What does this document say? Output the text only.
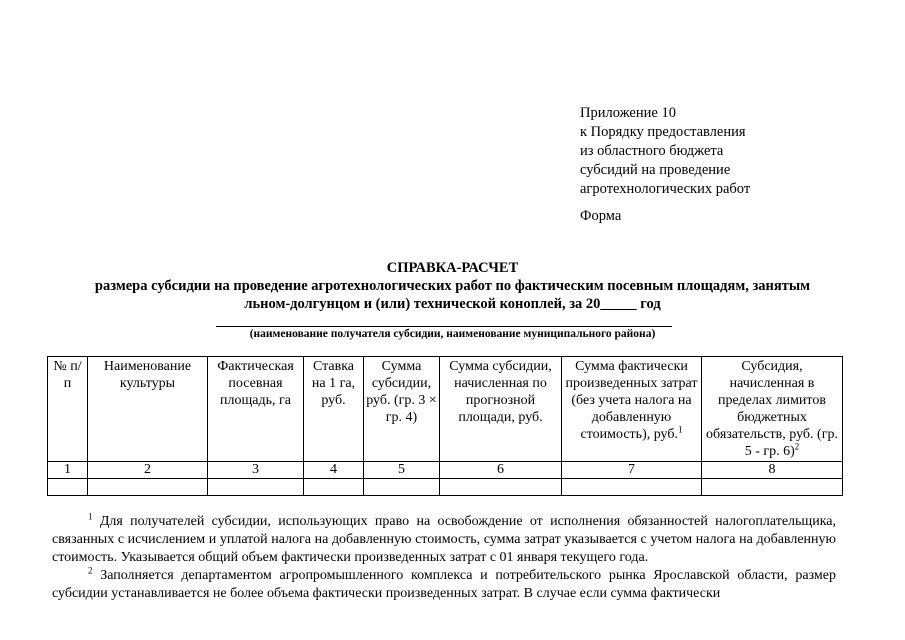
Приложение 10
к Порядку предоставления
из областного бюджета
субсидий на проведение
агротехнологических работ
Форма
СПРАВКА-РАСЧЕТ
размера субсидии на проведение агротехнологических работ по фактическим посевным площадям, занятым
льном-долгунцом и (или) технической коноплей, за 20_____ год
(наименование получателя субсидии, наименование муниципального района)
№ п/п	Наименование культуры	Фактическая посевная площадь, га	Ставка на 1 га, руб.	Сумма субсидии, руб. (гр. 3 × гр. 4)	Сумма субсидии, начисленная по прогнозной площади, руб.	Сумма фактически произведенных затрат (без учета налога на добавленную стоимость), руб.$^1$	Субсидия, начисленная в пределах лимитов бюджетных обязательств, руб. (гр. 5 - гр. 6)$^2$
1	2	3	4	5	6	7	8

$^1$ Для получателей субсидии, использующих право на освобождение от исполнения обязанностей налогоплательщика, связанных с исчислением и уплатой налога на добавленную стоимость, сумма затрат указывается с учетом налога на добавленную стоимость. Указывается общий объем фактически произведенных затрат с 01 января текущего года.

$^2$ Заполняется департаментом агропромышленного комплекса и потребительского рынка Ярославской области, размер субсидии устанавливается не более объема фактически произведенных затрат. В случае если сумма фактически
